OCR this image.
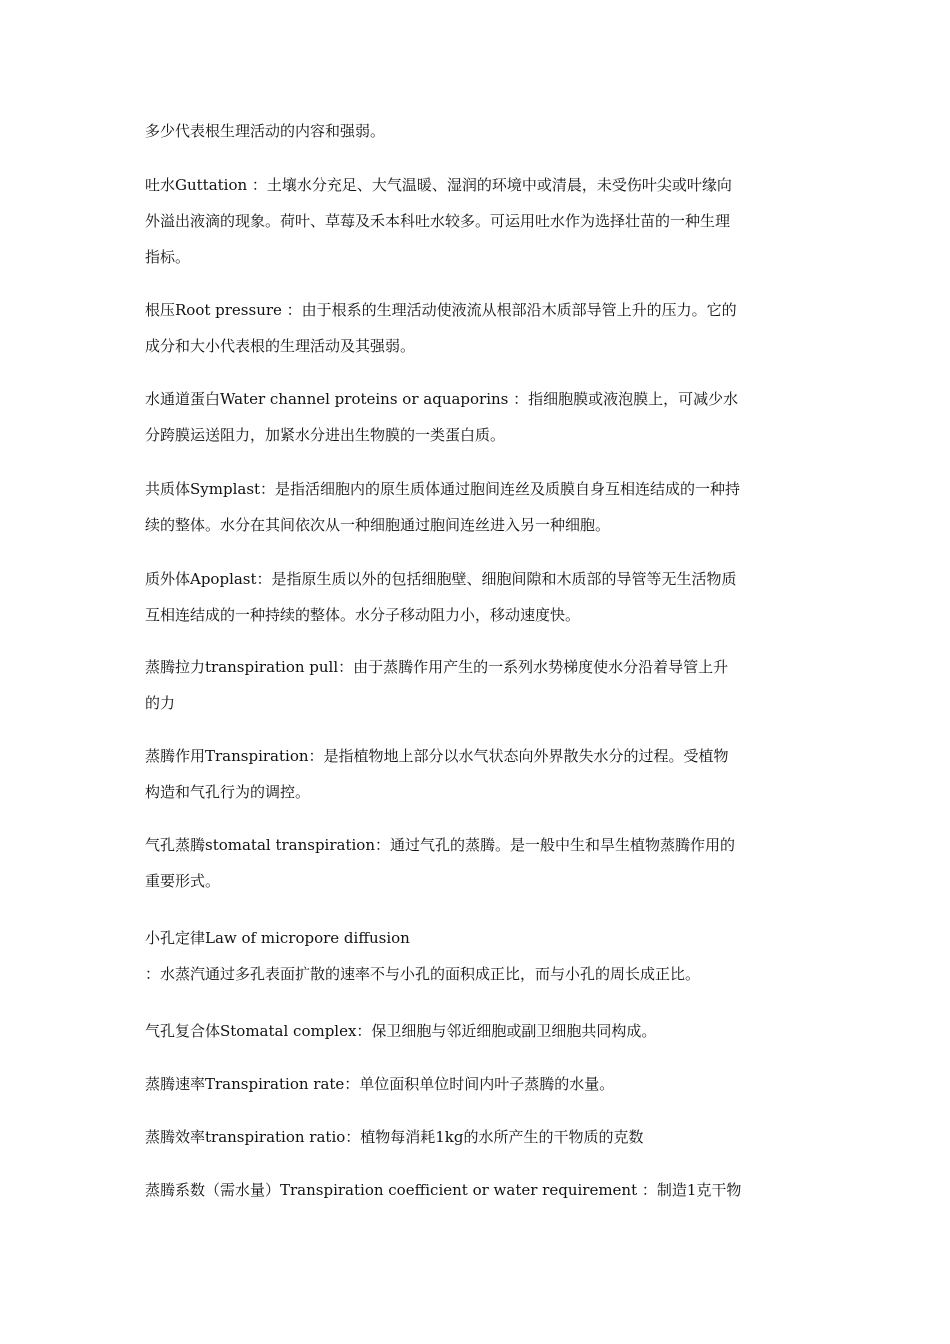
多少代表根生理活动的内容和强弱。
吐水Guttation ：土壤水分充足、大气温暖、湿润的环境中或清晨，未受伤叶尖或叶缘向
外溢出液滴的现象。荷叶、草莓及禾本科吐水较多。可运用吐水作为选择壮苗的一种生理
指标。
根压Root pressure ：由于根系的生理活动使液流从根部沿木质部导管上升的压力。它的
成分和大小代表根的生理活动及其强弱。
水通道蛋白Water channel proteins or aquaporins ：指细胞膜或液泡膜上，可减少水
分跨膜运送阻力，加紧水分进出生物膜的一类蛋白质。
共质体Symplast：是指活细胞内的原生质体通过胞间连丝及质膜自身互相连结成的一种持
续的整体。水分在其间依次从一种细胞通过胞间连丝进入另一种细胞。
质外体Apoplast：是指原生质以外的包括细胞壁、细胞间隙和木质部的导管等无生活物质
互相连结成的一种持续的整体。水分子移动阻力小，移动速度快。
蒸腾拉力transpiration pull：由于蒸腾作用产生的一系列水势梯度使水分沿着导管上升
的力
蒸腾作用Transpiration：是指植物地上部分以水气状态向外界散失水分的过程。受植物
构造和气孔行为的调控。
气孔蒸腾stomatal transpiration：通过气孔的蒸腾。是一般中生和旱生植物蒸腾作用的
重要形式。
小孔定律Law of micropore diffusion
：水蒸汽通过多孔表面扩散的速率不与小孔的面积成正比，而与小孔的周长成正比。
气孔复合体Stomatal complex：保卫细胞与邻近细胞或副卫细胞共同构成。
蒸腾速率Transpiration rate：单位面积单位时间内叶子蒸腾的水量。
蒸腾效率transpiration ratio：植物每消耗1kg的水所产生的干物质的克数
蒸腾系数（需水量）Transpiration coefficient or water requirement ：制造1克干物
